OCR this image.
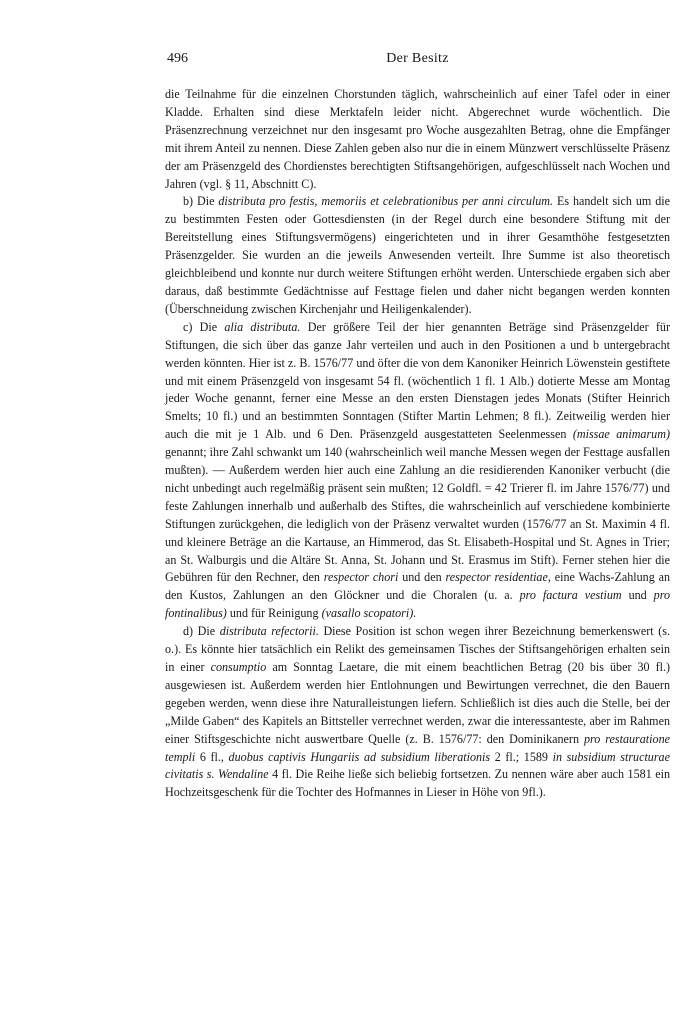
496	Der Besitz

die Teilnahme für die einzelnen Chorstunden täglich, wahrscheinlich auf einer Tafel oder in einer Kladde. Erhalten sind diese Merktafeln leider nicht. Abgerechnet wurde wöchentlich. Die Präsenzrechnung verzeichnet nur den insgesamt pro Woche ausgezahlten Betrag, ohne die Empfänger mit ihrem Anteil zu nennen. Diese Zahlen geben also nur die in einem Münzwert verschlüsselte Präsenz der am Präsenzgeld des Chordienstes berechtigten Stiftsangehörigen, aufgeschlüsselt nach Wochen und Jahren (vgl. § 11, Abschnitt C).

b) Die distributa pro festis, memoriis et celebrationibus per anni circulum. Es handelt sich um die zu bestimmten Festen oder Gottesdiensten (in der Regel durch eine besondere Stiftung mit der Bereitstellung eines Stiftungsvermögens) eingerichteten und in ihrer Gesamthöhe festgesetzten Präsenzgelder. Sie wurden an die jeweils Anwesenden verteilt. Ihre Summe ist also theoretisch gleichbleibend und konnte nur durch weitere Stiftungen erhöht werden. Unterschiede ergaben sich aber daraus, daß bestimmte Gedächtnisse auf Festtage fielen und daher nicht begangen werden konnten (Überschneidung zwischen Kirchenjahr und Heiligenkalender).

c) Die alia distributa. Der größere Teil der hier genannten Beträge sind Präsenzgelder für Stiftungen, die sich über das ganze Jahr verteilen und auch in den Positionen a und b untergebracht werden könnten. Hier ist z. B. 1576/77 und öfter die von dem Kanoniker Heinrich Löwenstein gestiftete und mit einem Präsenzgeld von insgesamt 54 fl. (wöchentlich 1 fl. 1 Alb.) dotierte Messe am Montag jeder Woche genannt, ferner eine Messe an den ersten Dienstagen jedes Monats (Stifter Heinrich Smelts; 10 fl.) und an bestimmten Sonntagen (Stifter Martin Lehmen; 8 fl.). Zeitweilig werden hier auch die mit je 1 Alb. und 6 Den. Präsenzgeld ausgestatteten Seelenmessen (missae animarum) genannt; ihre Zahl schwankt um 140 (wahrscheinlich weil manche Messen wegen der Festtage ausfallen mußten). — Außerdem werden hier auch eine Zahlung an die residierenden Kanoniker verbucht (die nicht unbedingt auch regelmäßig präsent sein mußten; 12 Goldfl. = 42 Trierer fl. im Jahre 1576/77) und feste Zahlungen innerhalb und außerhalb des Stiftes, die wahrscheinlich auf verschiedene kombinierte Stiftungen zurückgehen, die lediglich von der Präsenz verwaltet wurden (1576/77 an St. Maximin 4 fl. und kleinere Beträge an die Kartause, an Himmerod, das St. Elisabeth-Hospital und St. Agnes in Trier; an St. Walburgis und die Altäre St. Anna, St. Johann und St. Erasmus im Stift). Ferner stehen hier die Gebühren für den Rechner, den respector chori und den respector residentiae, eine Wachs-Zahlung an den Kustos, Zahlungen an den Glöckner und die Choralen (u. a. pro factura vestium und pro fontinalibus) und für Reinigung (vasallo scopatori).

d) Die distributa refectorii. Diese Position ist schon wegen ihrer Bezeichnung bemerkenswert (s. o.). Es könnte hier tatsächlich ein Relikt des gemeinsamen Tisches der Stiftsangehörigen erhalten sein in einer consumptio am Sonntag Laetare, die mit einem beachtlichen Betrag (20 bis über 30 fl.) ausgewiesen ist. Außerdem werden hier Entlohnungen und Bewirtungen verrechnet, die den Bauern gegeben werden, wenn diese ihre Naturalleistungen liefern. Schließlich ist dies auch die Stelle, bei der „Milde Gaben“ des Kapitels an Bittsteller verrechnet werden, zwar die interessanteste, aber im Rahmen einer Stiftsgeschichte nicht auswertbare Quelle (z. B. 1576/77: den Dominikanern pro restauratione templi 6 fl., duobus captivis Hungariis ad subsidium liberationis 2 fl.; 1589 in subsidium structurae civitatis s. Wendaline 4 fl. Die Reihe ließe sich beliebig fortsetzen. Zu nennen wäre aber auch 1581 ein Hochzeitsgeschenk für die Tochter des Hofmannes in Lieser in Höhe von 9fl.).
